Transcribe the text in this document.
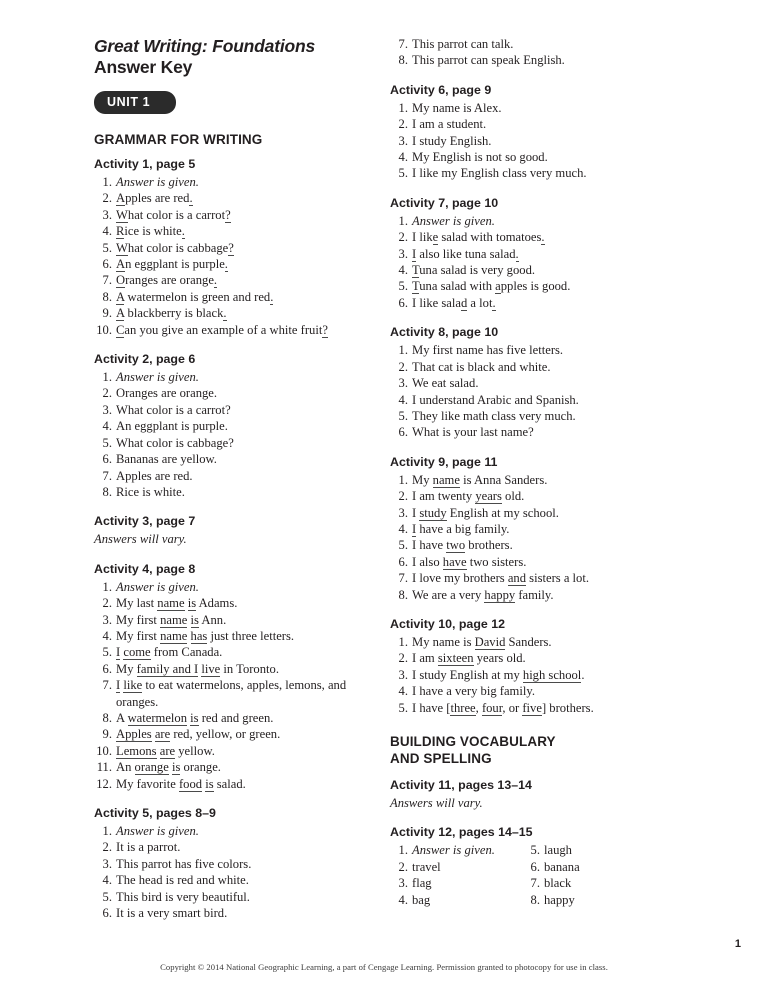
Great Writing: Foundations
Answer Key
UNIT 1
GRAMMAR FOR WRITING
Activity 1, page 5
1. Answer is given.
2. Apples are red.
3. What color is a carrot?
4. Rice is white.
5. What color is cabbage?
6. An eggplant is purple.
7. Oranges are orange.
8. A watermelon is green and red.
9. A blackberry is black.
10. Can you give an example of a white fruit?
Activity 2, page 6
1. Answer is given.
2. Oranges are orange.
3. What color is a carrot?
4. An eggplant is purple.
5. What color is cabbage?
6. Bananas are yellow.
7. Apples are red.
8. Rice is white.
Activity 3, page 7

Answers will vary.

Activity 4, page 8
1. Answer is given.
2. My last name is Adams.
3. My first name is Ann.
4. My first name has just three letters.
5. I come from Canada.
6. My family and I live in Toronto.
7. I like to eat watermelons, apples, lemons, and oranges.
8. A watermelon is red and green.
9. Apples are red, yellow, or green.
10. Lemons are yellow.
11. An orange is orange.
12. My favorite food is salad.
Activity 5, pages 8–9
1. Answer is given.
2. It is a parrot.
3. This parrot has five colors.
4. The head is red and white.
5. This bird is very beautiful.
6. It is a very smart bird.
7. This parrot can talk.
8. This parrot can speak English.
Activity 6, page 9
1. My name is Alex.
2. I am a student.
3. I study English.
4. My English is not so good.
5. I like my English class very much.
Activity 7, page 10
1. Answer is given.
2. I like salad with tomatoes.
3. I also like tuna salad.
4. Tuna salad is very good.
5. Tuna salad with apples is good.
6. I like salad a lot.
Activity 8, page 10
1. My first name has five letters.
2. That cat is black and white.
3. We eat salad.
4. I understand Arabic and Spanish.
5. They like math class very much.
6. What is your last name?
Activity 9, page 11
1. My name is Anna Sanders.
2. I am twenty years old.
3. I study English at my school.
4. I have a big family.
5. I have two brothers.
6. I also have two sisters.
7. I love my brothers and sisters a lot.
8. We are a very happy family.
Activity 10, page 12
1. My name is David Sanders.
2. I am sixteen years old.
3. I study English at my high school.
4. I have a very big family.
5. I have [three, four, or five] brothers.
BUILDING VOCABULARY
AND SPELLING
Activity 11, pages 13–14

Answers will vary.

Activity 12, pages 14–15
1. Answer is given.
2. travel
3. flag
4. bag
5. laugh
6. banana
7. black
8. happy
1
Copyright © 2014 National Geographic Learning, a part of Cengage Learning. Permission granted to photocopy for use in class.
